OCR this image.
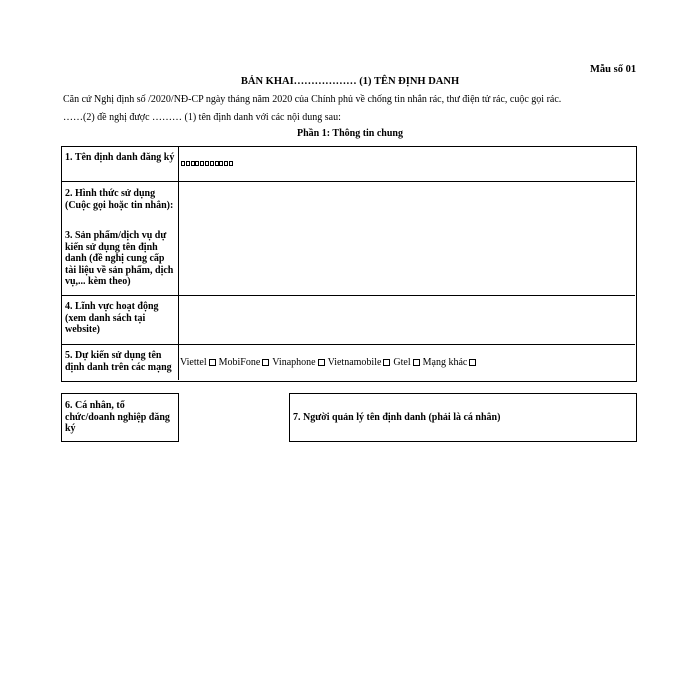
Mẫu số 01
BẢN KHAI……………… (1) TÊN ĐỊNH DANH
Căn cứ Nghị định số /2020/NĐ-CP ngày tháng năm 2020 của Chính phủ về chống tin nhắn rác, thư điện tử rác, cuộc gọi rác.
……(2) đề nghị được ……… (1) tên định danh với các nội dung sau:
Phần 1: Thông tin chung
1. Tên định danh đăng ký
2. Hình thức sử dụng (Cuộc gọi hoặc tin nhắn):
3. Sản phẩm/dịch vụ dự kiến sử dụng tên định danh (đề nghị cung cấp tài liệu về sản phẩm, dịch vụ,... kèm theo)
4. Lĩnh vực hoạt động (xem danh sách tại website)
5. Dự kiến sử dụng tên định danh trên các mạng Viettel MobiFone Vinaphone Vietnamobile Gtel Mạng khác
6. Cá nhân, tổ chức/doanh nghiệp đăng ký
7. Người quản lý tên định danh (phải là cá nhân)
